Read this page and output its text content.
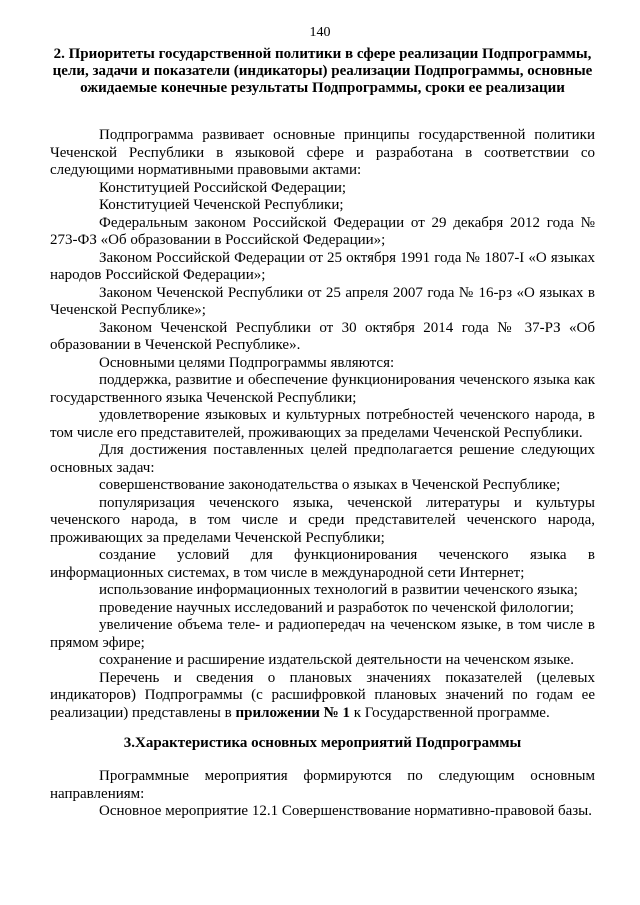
140
2. Приоритеты государственной политики в сфере реализации Подпрограммы, цели, задачи и показатели (индикаторы) реализации Подпрограммы, основные ожидаемые конечные результаты Подпрограммы, сроки ее реализации

Подпрограмма развивает основные принципы государственной политики Чеченской Республики в языковой сфере и разработана в соответствии со следующими нормативными правовыми актами:

Конституцией Российской Федерации;

Конституцией Чеченской Республики;

Федеральным законом Российской Федерации от 29 декабря 2012 года № 273-ФЗ «Об образовании в Российской Федерации»;

Законом Российской Федерации от 25 октября 1991 года № 1807-I «О языках народов Российской Федерации»;

Законом Чеченской Республики от 25 апреля 2007 года № 16-рз «О языках в Чеченской Республике»;

Законом Чеченской Республики от 30 октября 2014 года № 37-РЗ «Об образовании в Чеченской Республике».

Основными целями Подпрограммы являются:

поддержка, развитие и обеспечение функционирования чеченского языка как государственного языка Чеченской Республики;

удовлетворение языковых и культурных потребностей чеченского народа, в том числе его представителей, проживающих за пределами Чеченской Республики.

Для достижения поставленных целей предполагается решение следующих основных задач:

совершенствование законодательства о языках в Чеченской Республике;

популяризация чеченского языка, чеченской литературы и культуры чеченского народа, в том числе и среди представителей чеченского народа, проживающих за пределами Чеченской Республики;

создание условий для функционирования чеченского языка в информационных системах, в том числе в международной сети Интернет;

использование информационных технологий в развитии чеченского языка;

проведение научных исследований и разработок по чеченской филологии;

увеличение объема теле- и радиопередач на чеченском языке, в том числе в прямом эфире;

сохранение и расширение издательской деятельности на чеченском языке.

Перечень и сведения о плановых значениях показателей (целевых индикаторов) Подпрограммы (с расшифровкой плановых значений по годам ее реализации) представлены в приложении № 1 к Государственной программе.

3.Характеристика основных мероприятий Подпрограммы

Программные мероприятия формируются по следующим основным направлениям:

Основное мероприятие 12.1 Совершенствование нормативно-правовой базы.
